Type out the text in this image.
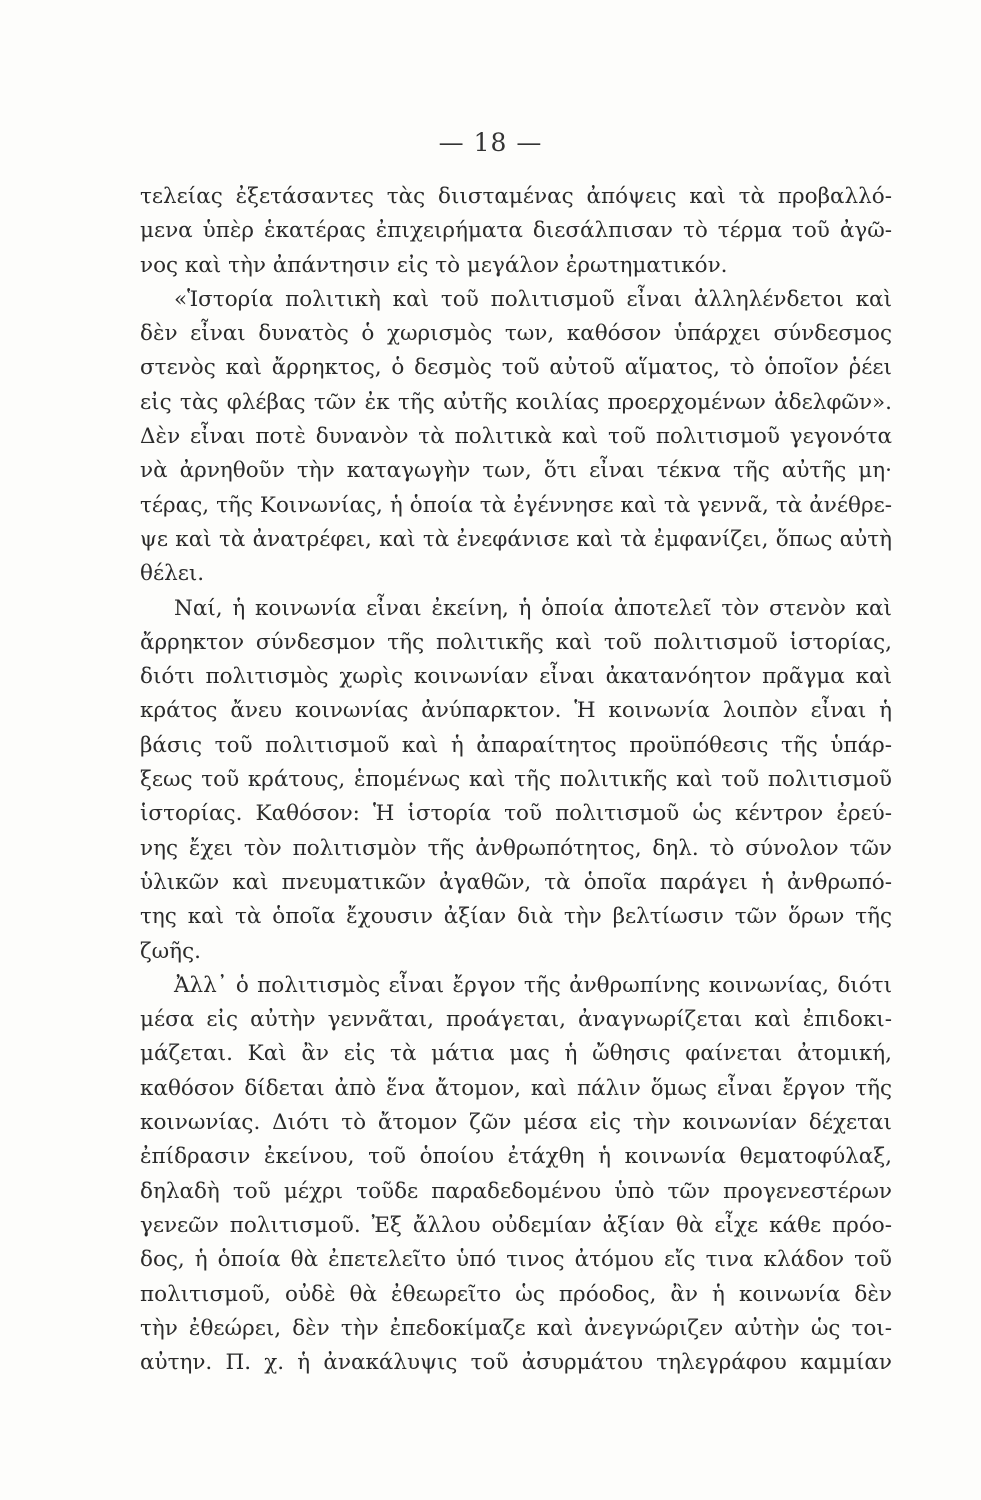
— 18 —
τελείας ἐξετάσαντες τὰς διισταμένας ἀπόψεις καὶ τὰ προβαλλό-
μενα ὑπὲρ ἑκατέρας ἐπιχειρήματα διεσάλπισαν τὸ τέρμα τοῦ ἀγῶ-
νος καὶ τὴν ἀπάντησιν εἰς τὸ μεγάλον ἐρωτηματικόν.
«Ἱστορία πολιτικὴ καὶ τοῦ πολιτισμοῦ εἶναι ἀλληλένδετοι καὶ
δὲν εἶναι δυνατὸς ὁ χωρισμὸς των, καθόσον ὑπάρχει σύνδεσμος
στενὸς καὶ ἄρρηκτος, ὁ δεσμὸς τοῦ αὐτοῦ αἵματος, τὸ ὁποῖον ῥέει
εἰς τὰς φλέβας τῶν ἐκ τῆς αὐτῆς κοιλίας προερχομένων ἀδελφῶν».
Δὲν εἶναι ποτὲ δυνανὸν τὰ πολιτικὰ καὶ τοῦ πολιτισμοῦ γεγονότα
νὰ ἀρνηθοῦν τὴν καταγωγὴν των, ὅτι εἶναι τέκνα τῆς αὐτῆς μη·
τέρας, τῆς Κοινωνίας, ἡ ὁποία τὰ ἐγέννησε καὶ τὰ γεννᾶ, τὰ ἀνέθρε-
ψε καὶ τὰ ἀνατρέφει, καὶ τὰ ἐνεφάνισε καὶ τὰ ἐμφανίζει, ὅπως αὐτὴ
θέλει.
Ναί, ἡ κοινωνία εἶναι ἐκείνη, ἡ ὁποία ἀποτελεῖ τὸν στενὸν καὶ
ἄρρηκτον σύνδεσμον τῆς πολιτικῆς καὶ τοῦ πολιτισμοῦ ἱστορίας,
διότι πολιτισμὸς χωρὶς κοινωνίαν εἶναι ἀκατανόητον πρᾶγμα καὶ
κράτος ἄνευ κοινωνίας ἀνύπαρκτον. Ἡ κοινωνία λοιπὸν εἶναι ἡ
βάσις τοῦ πολιτισμοῦ καὶ ἡ ἀπαραίτητος προϋπόθεσις τῆς ὑπάρ-
ξεως τοῦ κράτους, ἑπομένως καὶ τῆς πολιτικῆς καὶ τοῦ πολιτισμοῦ
ἱστορίας. Καθόσον: Ἡ ἱστορία τοῦ πολιτισμοῦ ὡς κέντρον ἐρεύ-
νης ἔχει τὸν πολιτισμὸν τῆς ἀνθρωπότητος, δηλ. τὸ σύνολον τῶν
ὑλικῶν καὶ πνευματικῶν ἀγαθῶν, τὰ ὁποῖα παράγει ἡ ἀνθρωπό-
της καὶ τὰ ὁποῖα ἔχουσιν ἀξίαν διὰ τὴν βελτίωσιν τῶν ὅρων τῆς
ζωῆς.
Ἀλλ᾿ ὁ πολιτισμὸς εἶναι ἔργον τῆς ἀνθρωπίνης κοινωνίας, διότι
μέσα εἰς αὐτὴν γεννᾶται, προάγεται, ἀναγνωρίζεται καὶ ἐπιδοκι-
μάζεται. Καὶ ἂν εἰς τὰ μάτια μας ἡ ὤθησις φαίνεται ἀτομική,
καθόσον δίδεται ἀπὸ ἕνα ἄτομον, καὶ πάλιν ὅμως εἶναι ἔργον τῆς
κοινωνίας. Διότι τὸ ἄτομον ζῶν μέσα εἰς τὴν κοινωνίαν δέχεται
ἐπίδρασιν ἐκείνου, τοῦ ὁποίου ἐτάχθη ἡ κοινωνία θεματοφύλαξ,
δηλαδὴ τοῦ μέχρι τοῦδε παραδεδομένου ὑπὸ τῶν προγενεστέρων
γενεῶν πολιτισμοῦ. Ἐξ ἄλλου οὐδεμίαν ἀξίαν θὰ εἶχε κάθε πρόο-
δος, ἡ ὁποία θὰ ἐπετελεῖτο ὑπό τινος ἀτόμου εἴς τινα κλάδον τοῦ
πολιτισμοῦ, οὐδὲ θὰ ἐθεωρεῖτο ὡς πρόοδος, ἂν ἡ κοινωνία δὲν
τὴν ἐθεώρει, δὲν τὴν ἐπεδοκίμαζε καὶ ἀνεγνώριζεν αὐτὴν ὡς τοι-
αὐτην. Π. χ. ἡ ἀνακάλυψις τοῦ ἀσυρμάτου τηλεγράφου καμμίαν
